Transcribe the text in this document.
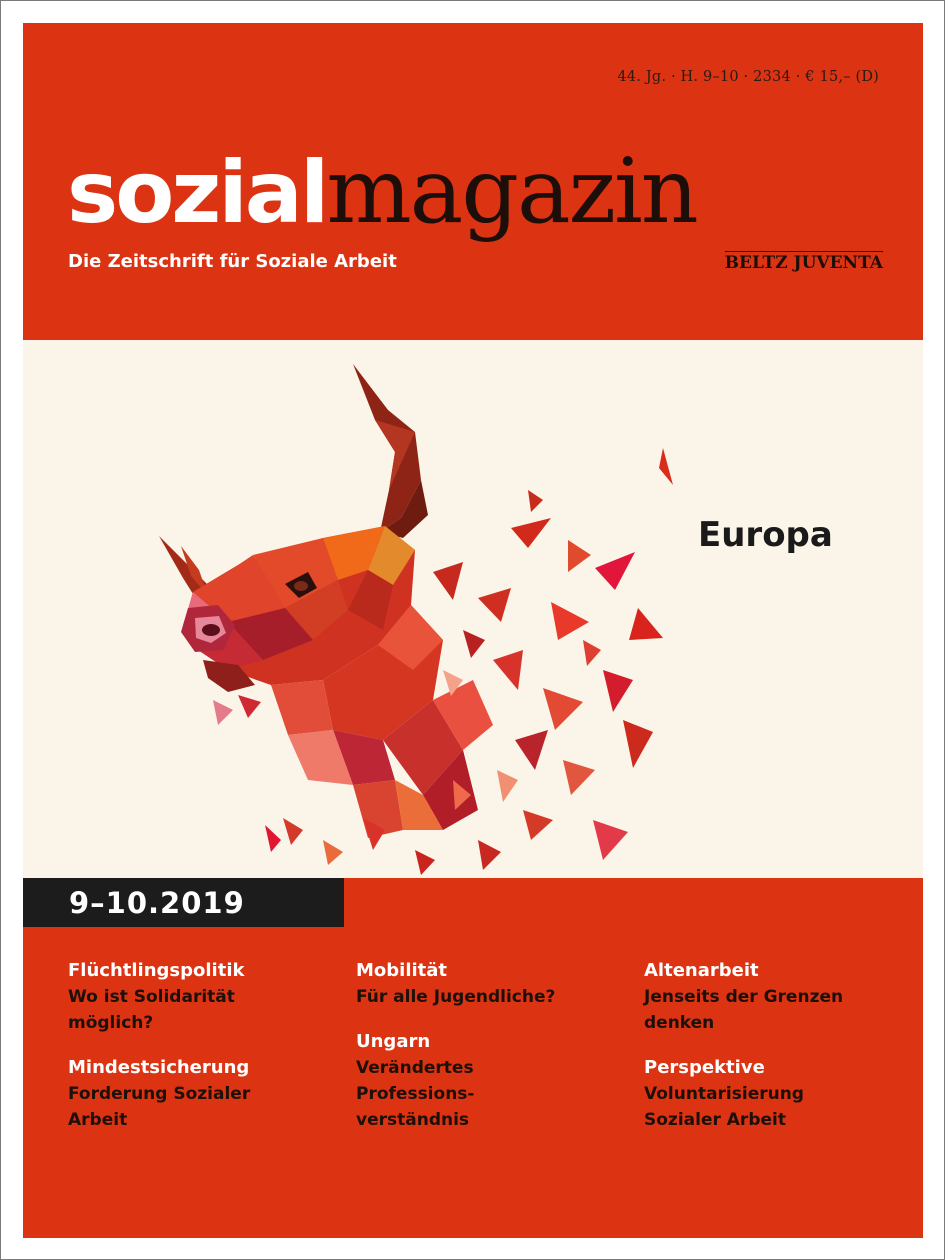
44. Jg. · H. 9–10 · 2334 · € 15,– (D)
sozialmagazin
Die Zeitschrift für Soziale Arbeit	BELTZ JUVENTA
Europa
9–10.2019
Flüchtlingspolitik
Wo ist Solidarität möglich?
Mindestsicherung
Forderung Sozialer Arbeit
Mobilität
Für alle Jugendliche?
Ungarn
Verändertes Professions-
verständnis
Altenarbeit
Jenseits der Grenzen
denken
Perspektive
Voluntarisierung
Sozialer Arbeit
